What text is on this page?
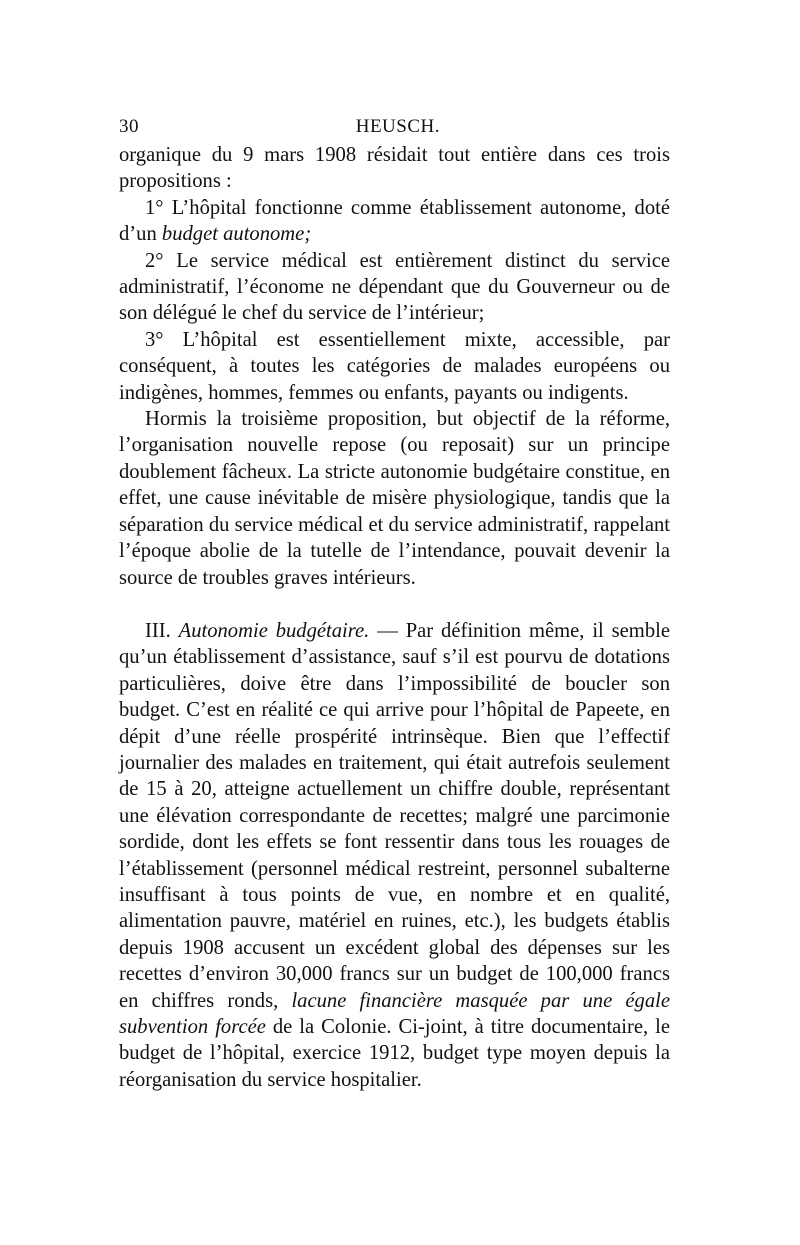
30	HEUSCH.

organique du 9 mars 1908 résidait tout entière dans ces trois propositions :

1° L’hôpital fonctionne comme établissement autonome, doté d’un budget autonome;

2° Le service médical est entièrement distinct du service administratif, l’économe ne dépendant que du Gouverneur ou de son délégué le chef du service de l’intérieur;

3° L’hôpital est essentiellement mixte, accessible, par conséquent, à toutes les catégories de malades européens ou indigènes, hommes, femmes ou enfants, payants ou indigents.

Hormis la troisième proposition, but objectif de la réforme, l’organisation nouvelle repose (ou reposait) sur un principe doublement fâcheux. La stricte autonomie budgétaire constitue, en effet, une cause inévitable de misère physiologique, tandis que la séparation du service médical et du service administratif, rappelant l’époque abolie de la tutelle de l’intendance, pouvait devenir la source de troubles graves intérieurs.

III. Autonomie budgétaire. — Par définition même, il semble qu’un établissement d’assistance, sauf s’il est pourvu de dotations particulières, doive être dans l’impossibilité de boucler son budget. C’est en réalité ce qui arrive pour l’hôpital de Papeete, en dépit d’une réelle prospérité intrinsèque. Bien que l’effectif journalier des malades en traitement, qui était autrefois seulement de 15 à 20, atteigne actuellement un chiffre double, représentant une élévation correspondante de recettes; malgré une parcimonie sordide, dont les effets se font ressentir dans tous les rouages de l’établissement (personnel médical restreint, personnel subalterne insuffisant à tous points de vue, en nombre et en qualité, alimentation pauvre, matériel en ruines, etc.), les budgets établis depuis 1908 accusent un excédent global des dépenses sur les recettes d’environ 30,000 francs sur un budget de 100,000 francs en chiffres ronds, lacune financière masquée par une égale subvention forcée de la Colonie. Ci-joint, à titre documentaire, le budget de l’hôpital, exercice 1912, budget type moyen depuis la réorganisation du service hospitalier.
